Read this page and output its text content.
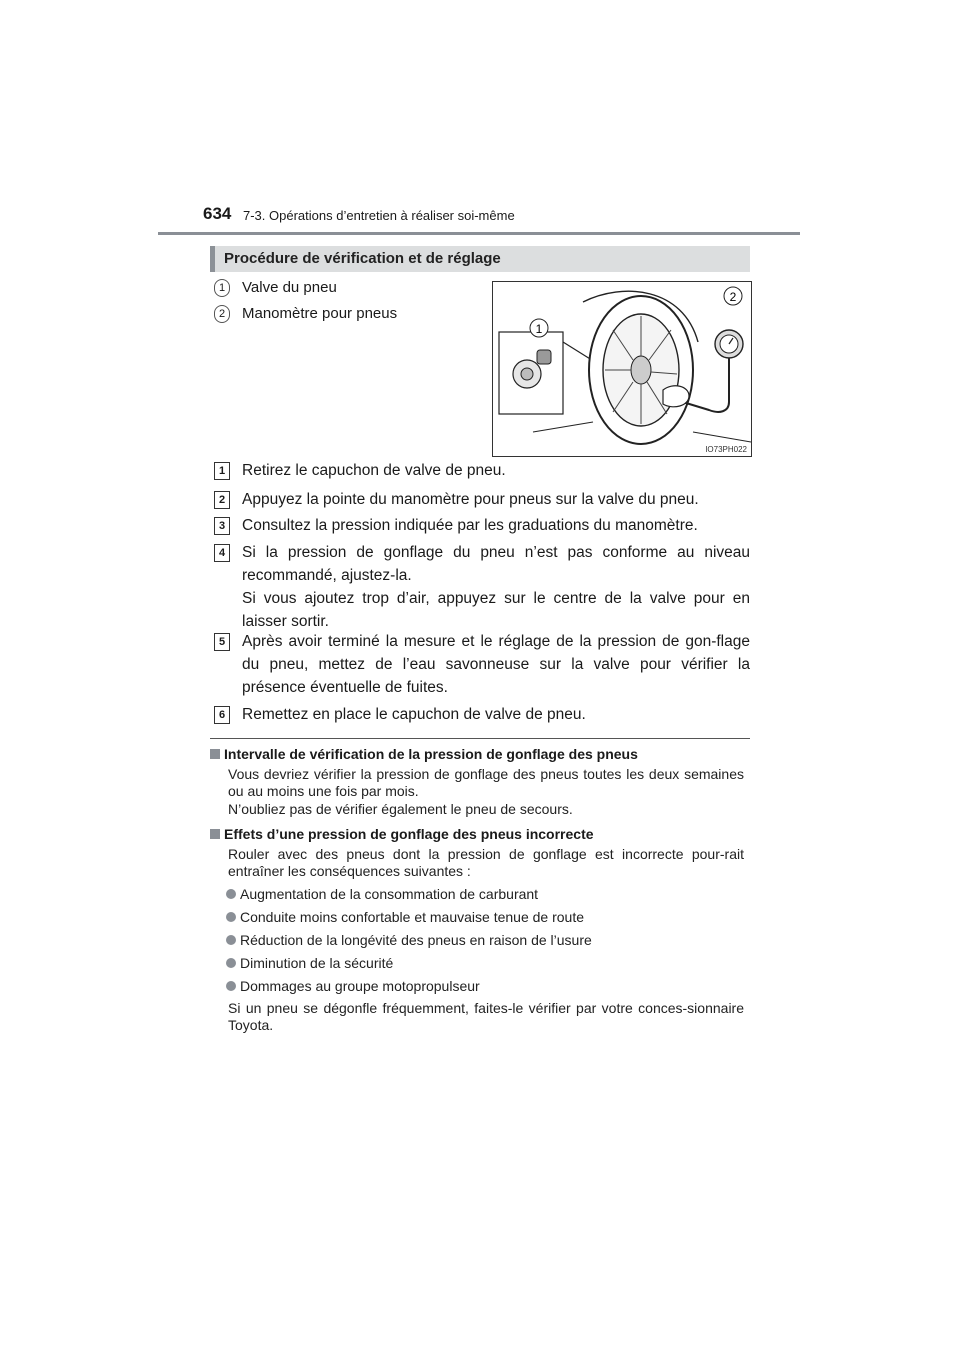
634 7-3. Opérations d’entretien à réaliser soi-même
Procédure de vérification et de réglage
1	Valve du pneu
2	Manomètre pour pneus
1
2
IO73PH022
1	Retirez le capuchon de valve de pneu.
2	Appuyez la pointe du manomètre pour pneus sur la valve du pneu.
3	Consultez la pression indiquée par les graduations du manomètre.
4	Si la pression de gonflage du pneu n’est pas conforme au niveau recommandé, ajustez-la.
Si vous ajoutez trop d’air, appuyez sur le centre de la valve pour en laisser sortir.
5	Après avoir terminé la mesure et le réglage de la pression de gon-flage du pneu, mettez de l’eau savonneuse sur la valve pour vérifier la présence éventuelle de fuites.
6	Remettez en place le capuchon de valve de pneu.
Intervalle de vérification de la pression de gonflage des pneus
Vous devriez vérifier la pression de gonflage des pneus toutes les deux semaines ou au moins une fois par mois.
N’oubliez pas de vérifier également le pneu de secours.
Effets d’une pression de gonflage des pneus incorrecte
Rouler avec des pneus dont la pression de gonflage est incorrecte pour-rait entraîner les conséquences suivantes :
Augmentation de la consommation de carburant
Conduite moins confortable et mauvaise tenue de route
Réduction de la longévité des pneus en raison de l’usure
Diminution de la sécurité
Dommages au groupe motopropulseur
Si un pneu se dégonfle fréquemment, faites-le vérifier par votre conces-sionnaire Toyota.
